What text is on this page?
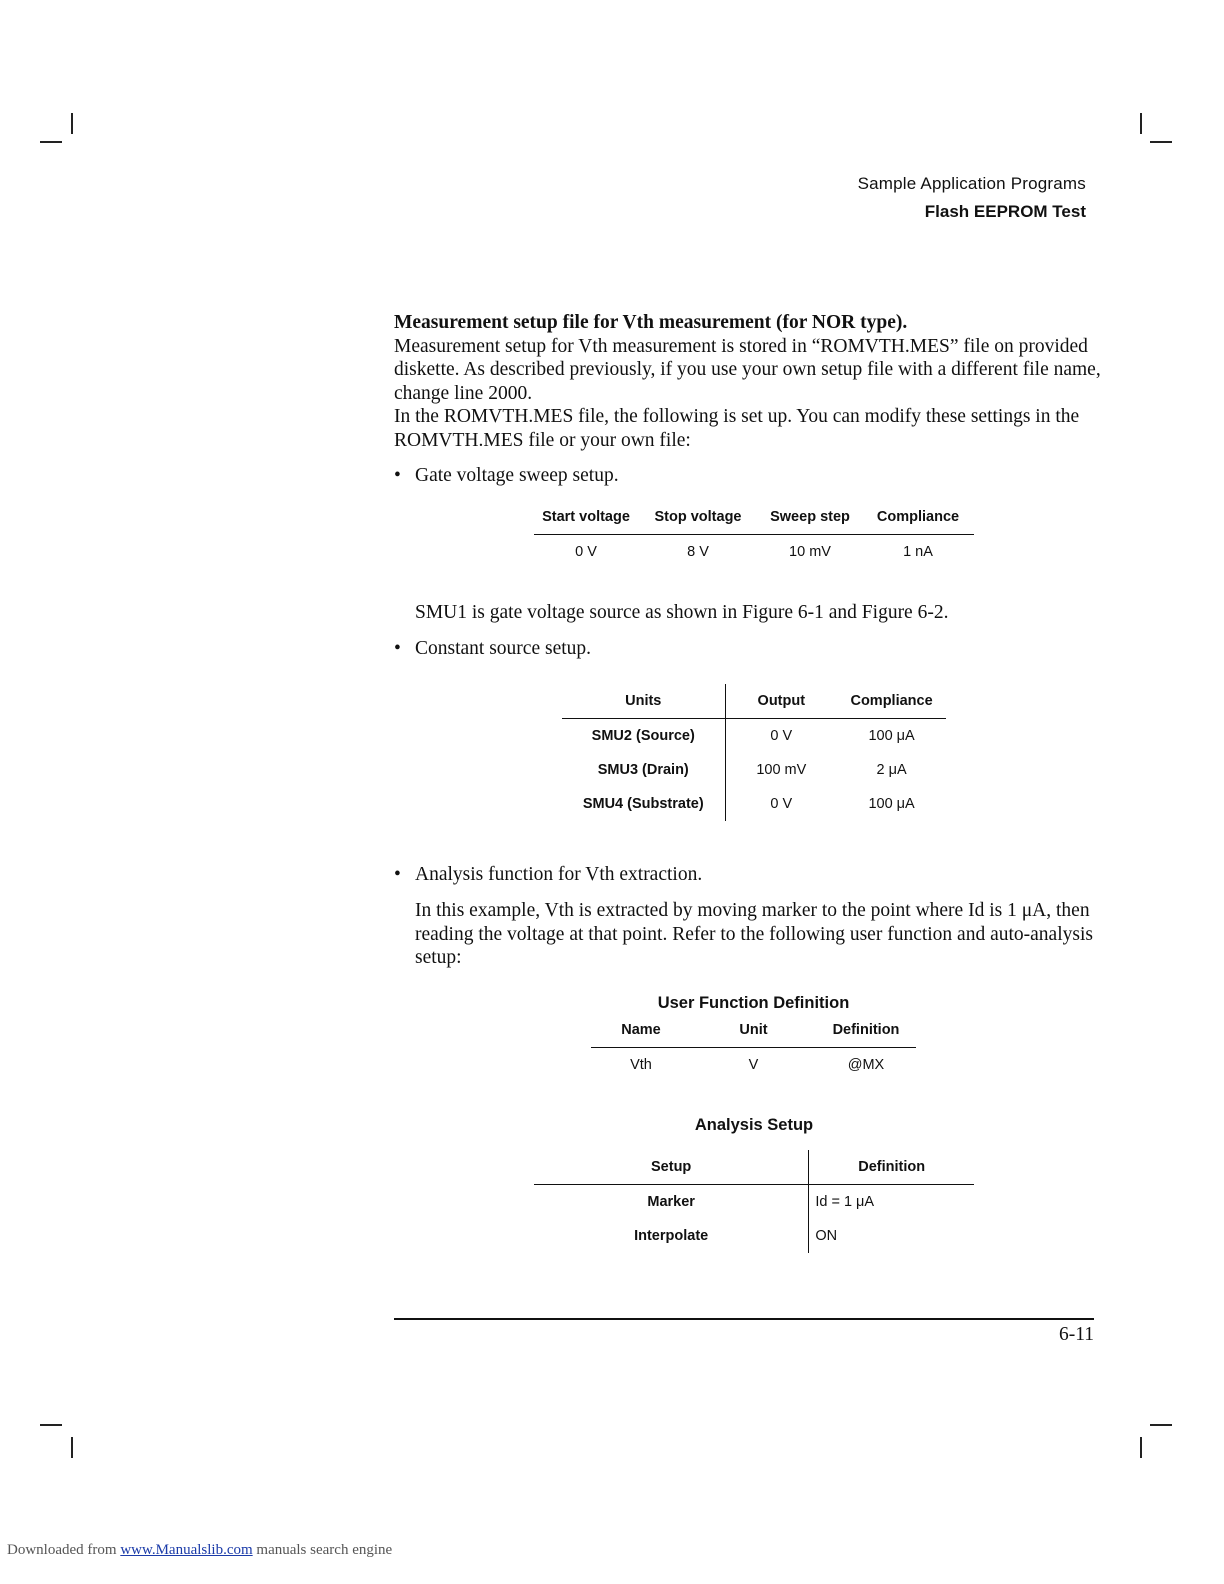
Sample Application Programs
Flash EEPROM Test
Measurement setup file for Vth measurement (for NOR type).
Measurement setup for Vth measurement is stored in “ROMVTH.MES” file on provided diskette. As described previously, if you use your own setup file with a different file name, change line 2000.
In the ROMVTH.MES file, the following is set up. You can modify these settings in the ROMVTH.MES file or your own file:
• Gate voltage sweep setup.
Start voltage	Stop voltage	Sweep step	Compliance
0 V	8 V	10 mV	1 nA
SMU1 is gate voltage source as shown in Figure 6-1 and Figure 6-2.
• Constant source setup.
Units	Output	Compliance
SMU2 (Source)	0 V	100 μA
SMU3 (Drain)	100 mV	2 μA
SMU4 (Substrate)	0 V	100 μA
• Analysis function for Vth extraction.
In this example, Vth is extracted by moving marker to the point where Id is 1 μA, then reading the voltage at that point. Refer to the following user function and auto-analysis setup:
User Function Definition
Name	Unit	Definition
Vth	V	@MX
Analysis Setup
Setup	Definition
Marker	Id = 1 μA
Interpolate	ON
6-11
Downloaded from www.Manualslib.com manuals search engine
